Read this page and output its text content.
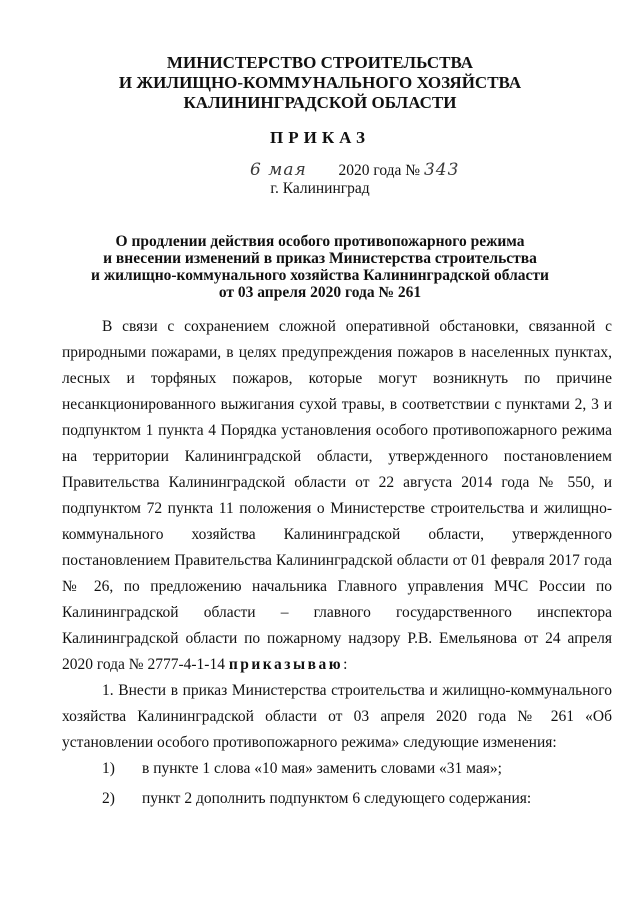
МИНИСТЕРСТВО СТРОИТЕЛЬСТВА
И ЖИЛИЩНО-КОММУНАЛЬНОГО ХОЗЯЙСТВА
КАЛИНИНГРАДСКОЙ ОБЛАСТИ
ПРИКАЗ
6 мая 2020 года № 343
г. Калининград
О продлении действия особого противопожарного режима
и внесении изменений в приказ Министерства строительства
и жилищно-коммунального хозяйства Калининградской области
от 03 апреля 2020 года № 261

В связи с сохранением сложной оперативной обстановки, связанной с природными пожарами, в целях предупреждения пожаров в населенных пунктах, лесных и торфяных пожаров, которые могут возникнуть по причине несанкционированного выжигания сухой травы, в соответствии с пунктами 2, 3 и подпунктом 1 пункта 4 Порядка установления особого противопожарного режима на территории Калининградской области, утвержденного постановлением Правительства Калининградской области от 22 августа 2014 года № 550, и подпунктом 72 пункта 11 положения о Министерстве строительства и жилищно-коммунального хозяйства Калининградской области, утвержденного постановлением Правительства Калининградской области от 01 февраля 2017 года № 26, по предложению начальника Главного управления МЧС России по Калининградской области – главного государственного инспектора Калининградской области по пожарному надзору Р.В. Емельянова от 24 апреля 2020 года № 2777-4-1-14 приказываю:

1. Внести в приказ Министерства строительства и жилищно-коммунального хозяйства Калининградской области от 03 апреля 2020 года № 261 «Об установлении особого противопожарного режима» следующие изменения:

1)	в пункте 1 слова «10 мая» заменить словами «31 мая»;
2)	пункт 2 дополнить подпунктом 6 следующего содержания:
